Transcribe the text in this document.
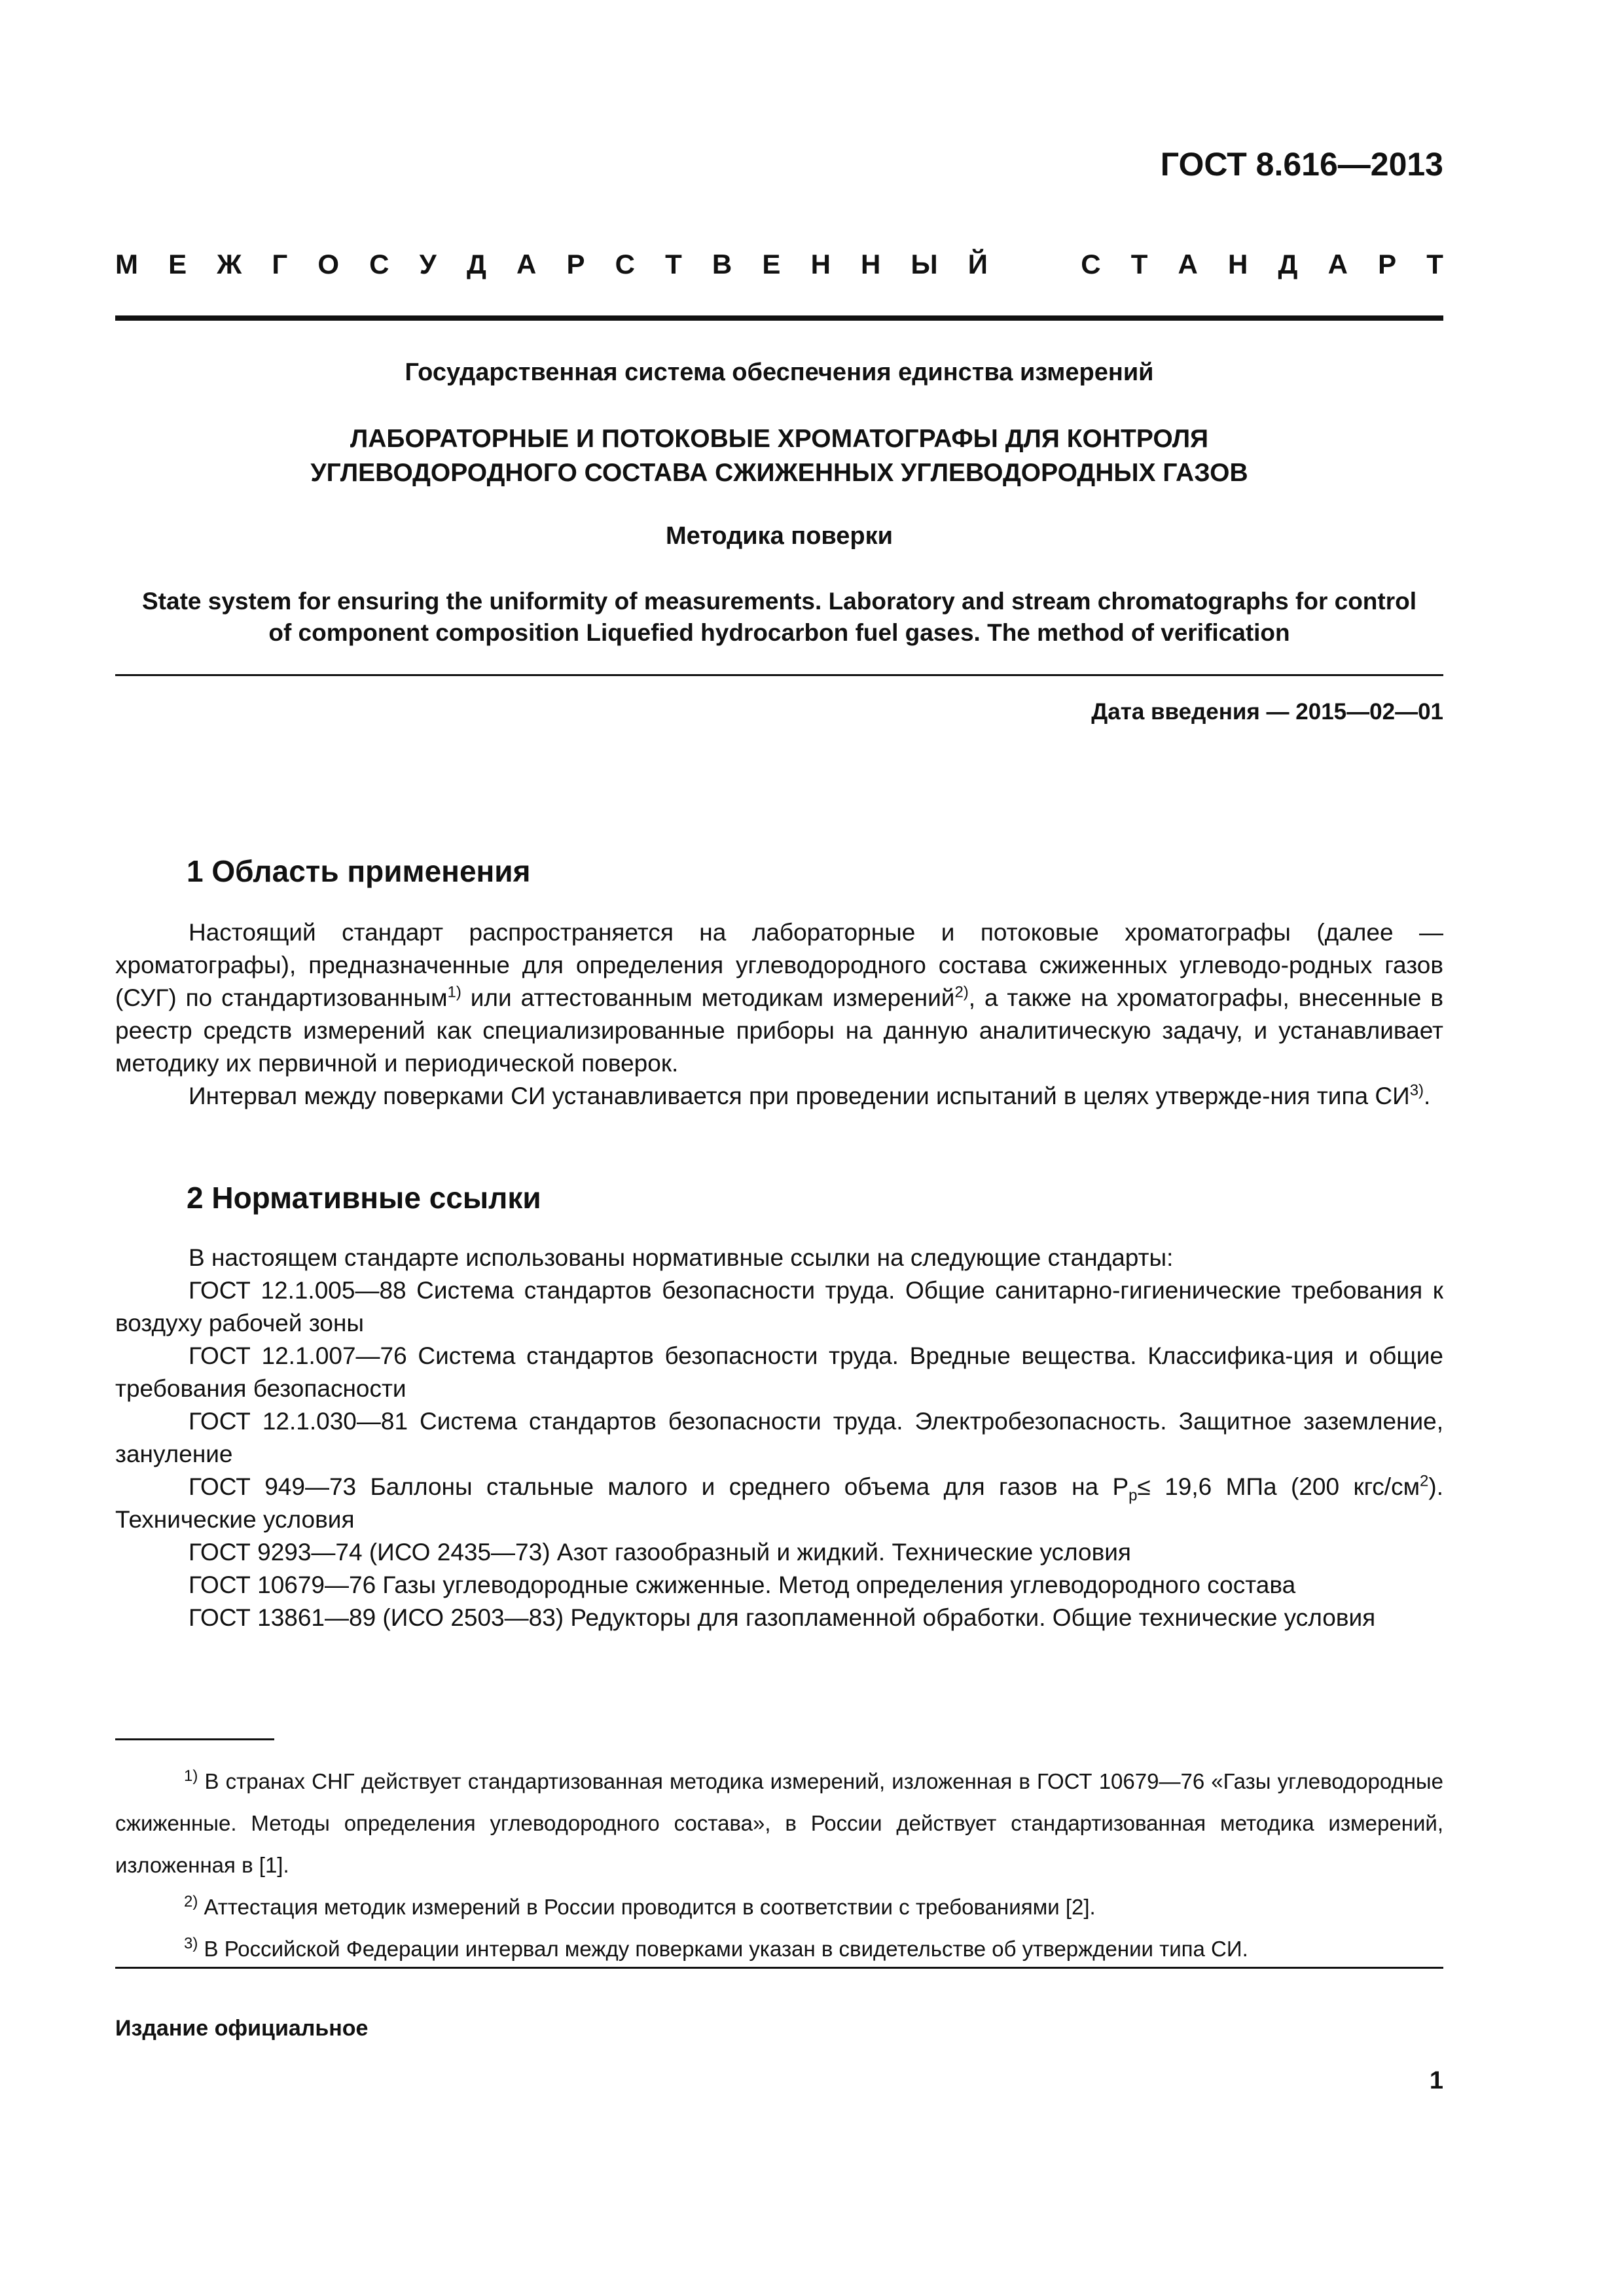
ГОСТ 8.616—2013
М Е Ж Г О С У Д А Р С Т В Е Н Н Ы Й	С Т А Н Д А Р Т
Государственная система обеспечения единства измерений
ЛАБОРАТОРНЫЕ И ПОТОКОВЫЕ ХРОМАТОГРАФЫ ДЛЯ КОНТРОЛЯ
УГЛЕВОДОРОДНОГО СОСТАВА СЖИЖЕННЫХ УГЛЕВОДОРОДНЫХ ГАЗОВ
Методика поверки
State system for ensuring the uniformity of measurements. Laboratory and stream chromatographs for control
of component composition Liquefied hydrocarbon fuel gases. The method of verification
Дата введения — 2015—02—01
1 Область применения

Настоящий стандарт распространяется на лабораторные и потоковые хроматографы (далее — хроматографы), предназначенные для определения углеводородного состава сжиженных углеводо-родных газов (СУГ) по стандартизованным$^{1)}$ или аттестованным методикам измерений$^{2)}$, а также на хроматографы, внесенные в реестр средств измерений как специализированные приборы на данную аналитическую задачу, и устанавливает методику их первичной и периодической поверок.

Интервал между поверками СИ устанавливается при проведении испытаний в целях утвержде-ния типа СИ$^{3)}$.

2 Нормативные ссылки

В настоящем стандарте использованы нормативные ссылки на следующие стандарты:

ГОСТ 12.1.005—88 Система стандартов безопасности труда. Общие санитарно-гигиенические требования к воздуху рабочей зоны

ГОСТ 12.1.007—76 Система стандартов безопасности труда. Вредные вещества. Классифика-ция и общие требования безопасности

ГОСТ 12.1.030—81 Система стандартов безопасности труда. Электробезопасность. Защитное заземление, зануление

ГОСТ 949—73 Баллоны стальные малого и среднего объема для газов на $P_p\le 19,6$ МПа (200 кгс/$см^2$). Технические условия

ГОСТ 9293—74 (ИСО 2435—73) Азот газообразный и жидкий. Технические условия

ГОСТ 10679—76 Газы углеводородные сжиженные. Метод определения углеводородного состава

ГОСТ 13861—89 (ИСО 2503—83) Редукторы для газопламенной обработки. Общие технические условия

$^{1)}$ В странах СНГ действует стандартизованная методика измерений, изложенная в ГОСТ 10679—76 «Газы углеводородные сжиженные. Методы определения углеводородного состава», в России действует стандартизованная методика измерений, изложенная в [1].

$^{2)}$ Аттестация методик измерений в России проводится в соответствии с требованиями [2].

$^{3)}$ В Российской Федерации интервал между поверками указан в свидетельстве об утверждении типа СИ.

Издание официальное
1
